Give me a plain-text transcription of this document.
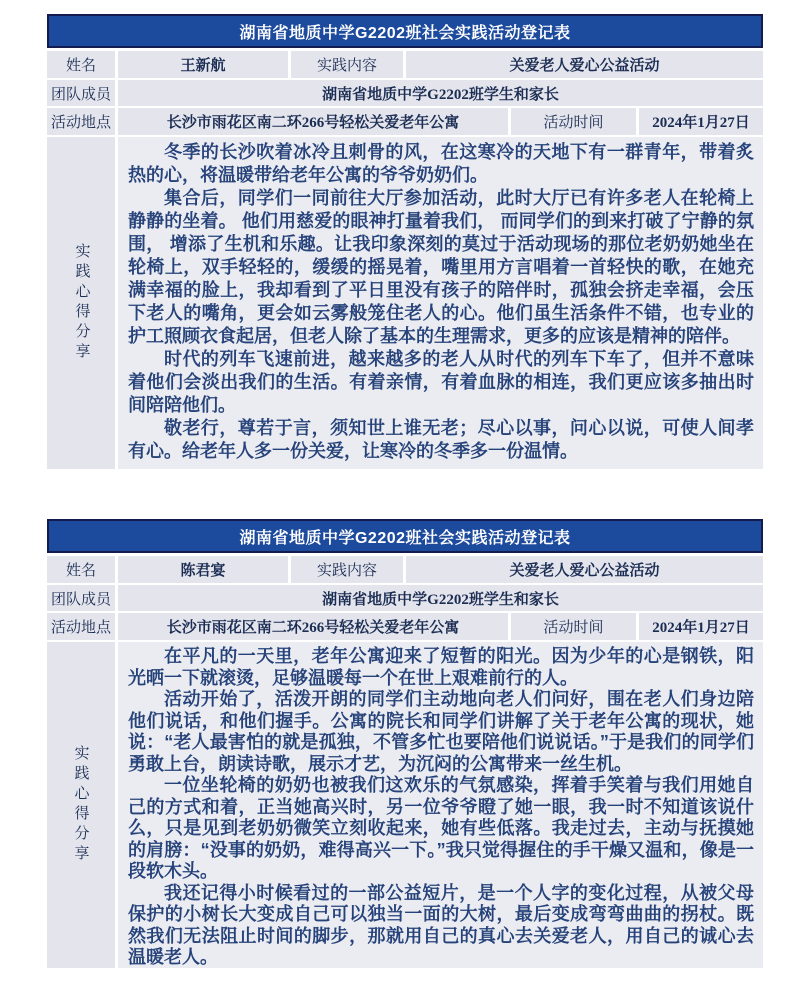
湖南省地质中学G2202班社会实践活动登记表
姓名	王新航	实践内容	关爱老人爱心公益活动
团队成员	湖南省地质中学G2202班学生和家长
活动地点	长沙市雨花区南二环266号轻松关爱老年公寓	活动时间	2024年1月27日
实践心得分享

冬季的长沙吹着冰冷且刺骨的风，在这寒冷的天地下有一群青年，带着炙热的心，将温暖带给老年公寓的爷爷奶奶们。

集合后，同学们一同前往大厅参加活动，此时大厅已有许多老人在轮椅上静静的坐着。 他们用慈爱的眼神打量着我们， 而同学们的到来打破了宁静的氛围， 增添了生机和乐趣。让我印象深刻的莫过于活动现场的那位老奶奶她坐在轮椅上，双手轻轻的，缓缓的摇晃着，嘴里用方言唱着一首轻快的歌，在她充满幸福的脸上，我却看到了平日里没有孩子的陪伴时，孤独会挤走幸福，会压下老人的嘴角，更会如云雾般笼住老人的心。他们虽生活条件不错，也专业的护工照顾衣食起居，但老人除了基本的生理需求，更多的应该是精神的陪伴。

时代的列车飞速前进，越来越多的老人从时代的列车下车了，但并不意味着他们会淡出我们的生活。有着亲情，有着血脉的相连，我们更应该多抽出时间陪陪他们。

敬老行，尊若于言，须知世上谁无老；尽心以事，问心以说，可使人间孝有心。给老年人多一份关爱，让寒冷的冬季多一份温情。

湖南省地质中学G2202班社会实践活动登记表
姓名	陈君宴	实践内容	关爱老人爱心公益活动
团队成员	湖南省地质中学G2202班学生和家长
活动地点	长沙市雨花区南二环266号轻松关爱老年公寓	活动时间	2024年1月27日
实践心得分享

在平凡的一天里，老年公寓迎来了短暂的阳光。因为少年的心是钢铁，阳光晒一下就滚烫，足够温暖每一个在世上艰难前行的人。

活动开始了，活泼开朗的同学们主动地向老人们问好，围在老人们身边陪他们说话，和他们握手。公寓的院长和同学们讲解了关于老年公寓的现状，她说：“老人最害怕的就是孤独，不管多忙也要陪他们说说话。”于是我们的同学们勇敢上台，朗读诗歌，展示才艺，为沉闷的公寓带来一丝生机。

一位坐轮椅的奶奶也被我们这欢乐的气氛感染，挥着手笑着与我们用她自己的方式和着，正当她高兴时，另一位爷爷瞪了她一眼，我一时不知道该说什么，只是见到老奶奶微笑立刻收起来，她有些低落。我走过去，主动与抚摸她的肩膀：“没事的奶奶，难得高兴一下。”我只觉得握住的手干燥又温和，像是一段软木头。

我还记得小时候看过的一部公益短片，是一个人字的变化过程，从被父母保护的小树长大变成自己可以独当一面的大树，最后变成弯弯曲曲的拐杖。既然我们无法阻止时间的脚步，那就用自己的真心去关爱老人，用自己的诚心去温暖老人。
